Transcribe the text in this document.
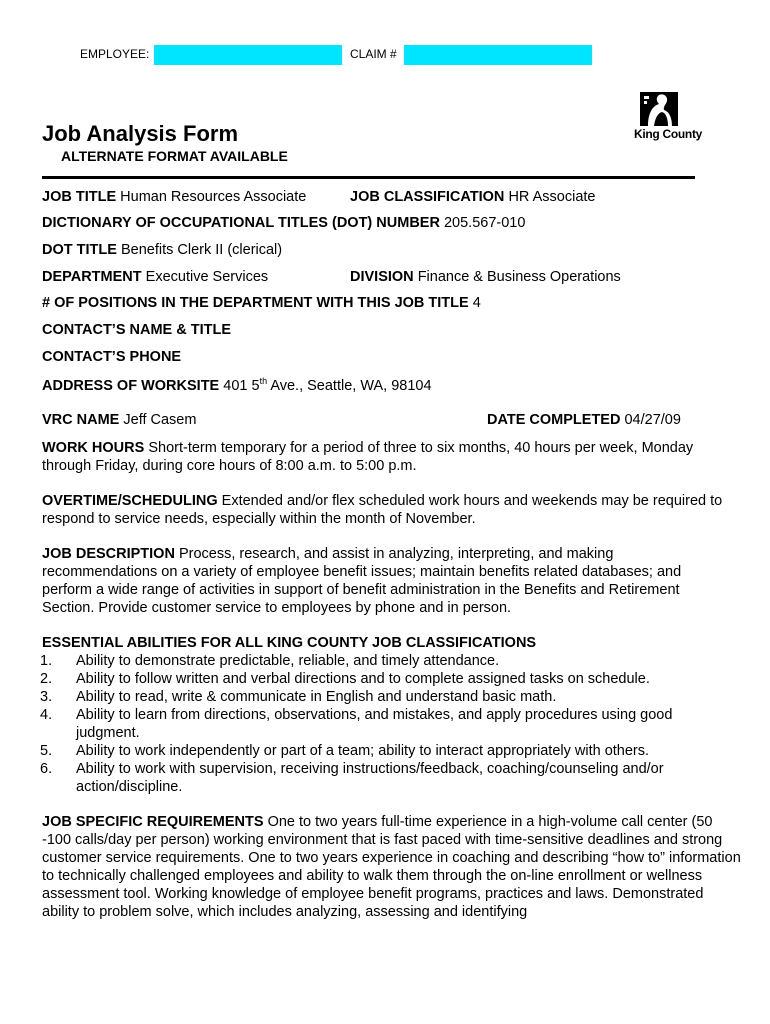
EMPLOYEE:	CLAIM #
King County
Job Analysis Form
ALTERNATE FORMAT AVAILABLE
JOB TITLE Human Resources Associate	JOB CLASSIFICATION HR Associate
DICTIONARY OF OCCUPATIONAL TITLES (DOT) NUMBER 205.567-010
DOT TITLE Benefits Clerk II (clerical)
DEPARTMENT Executive Services	DIVISION Finance & Business Operations
# OF POSITIONS IN THE DEPARTMENT WITH THIS JOB TITLE 4
CONTACT’S NAME & TITLE
CONTACT’S PHONE
ADDRESS OF WORKSITE 401 5th Ave., Seattle, WA, 98104
VRC NAME Jeff Casem	DATE COMPLETED 04/27/09
WORK HOURS Short-term temporary for a period of three to six months, 40 hours per week, Monday through Friday, during core hours of 8:00 a.m. to 5:00 p.m.
OVERTIME/SCHEDULING Extended and/or flex scheduled work hours and weekends may be required to respond to service needs, especially within the month of November.
JOB DESCRIPTION Process, research, and assist in analyzing, interpreting, and making recommendations on a variety of employee benefit issues; maintain benefits related databases; and perform a wide range of activities in support of benefit administration in the Benefits and Retirement Section. Provide customer service to employees by phone and in person.
ESSENTIAL ABILITIES FOR ALL KING COUNTY JOB CLASSIFICATIONS
1.	Ability to demonstrate predictable, reliable, and timely attendance.
2.	Ability to follow written and verbal directions and to complete assigned tasks on schedule.
3.	Ability to read, write & communicate in English and understand basic math.
4.	Ability to learn from directions, observations, and mistakes, and apply procedures using good judgment.
5.	Ability to work independently or part of a team; ability to interact appropriately with others.
6.	Ability to work with supervision, receiving instructions/feedback, coaching/counseling and/or action/discipline.
JOB SPECIFIC REQUIREMENTS One to two years full-time experience in a high-volume call center (50 -100 calls/day per person) working environment that is fast paced with time-sensitive deadlines and strong customer service requirements. One to two years experience in coaching and describing “how to” information to technically challenged employees and ability to walk them through the on-line enrollment or wellness assessment tool. Working knowledge of employee benefit programs, practices and laws. Demonstrated ability to problem solve, which includes analyzing, assessing and identifying
